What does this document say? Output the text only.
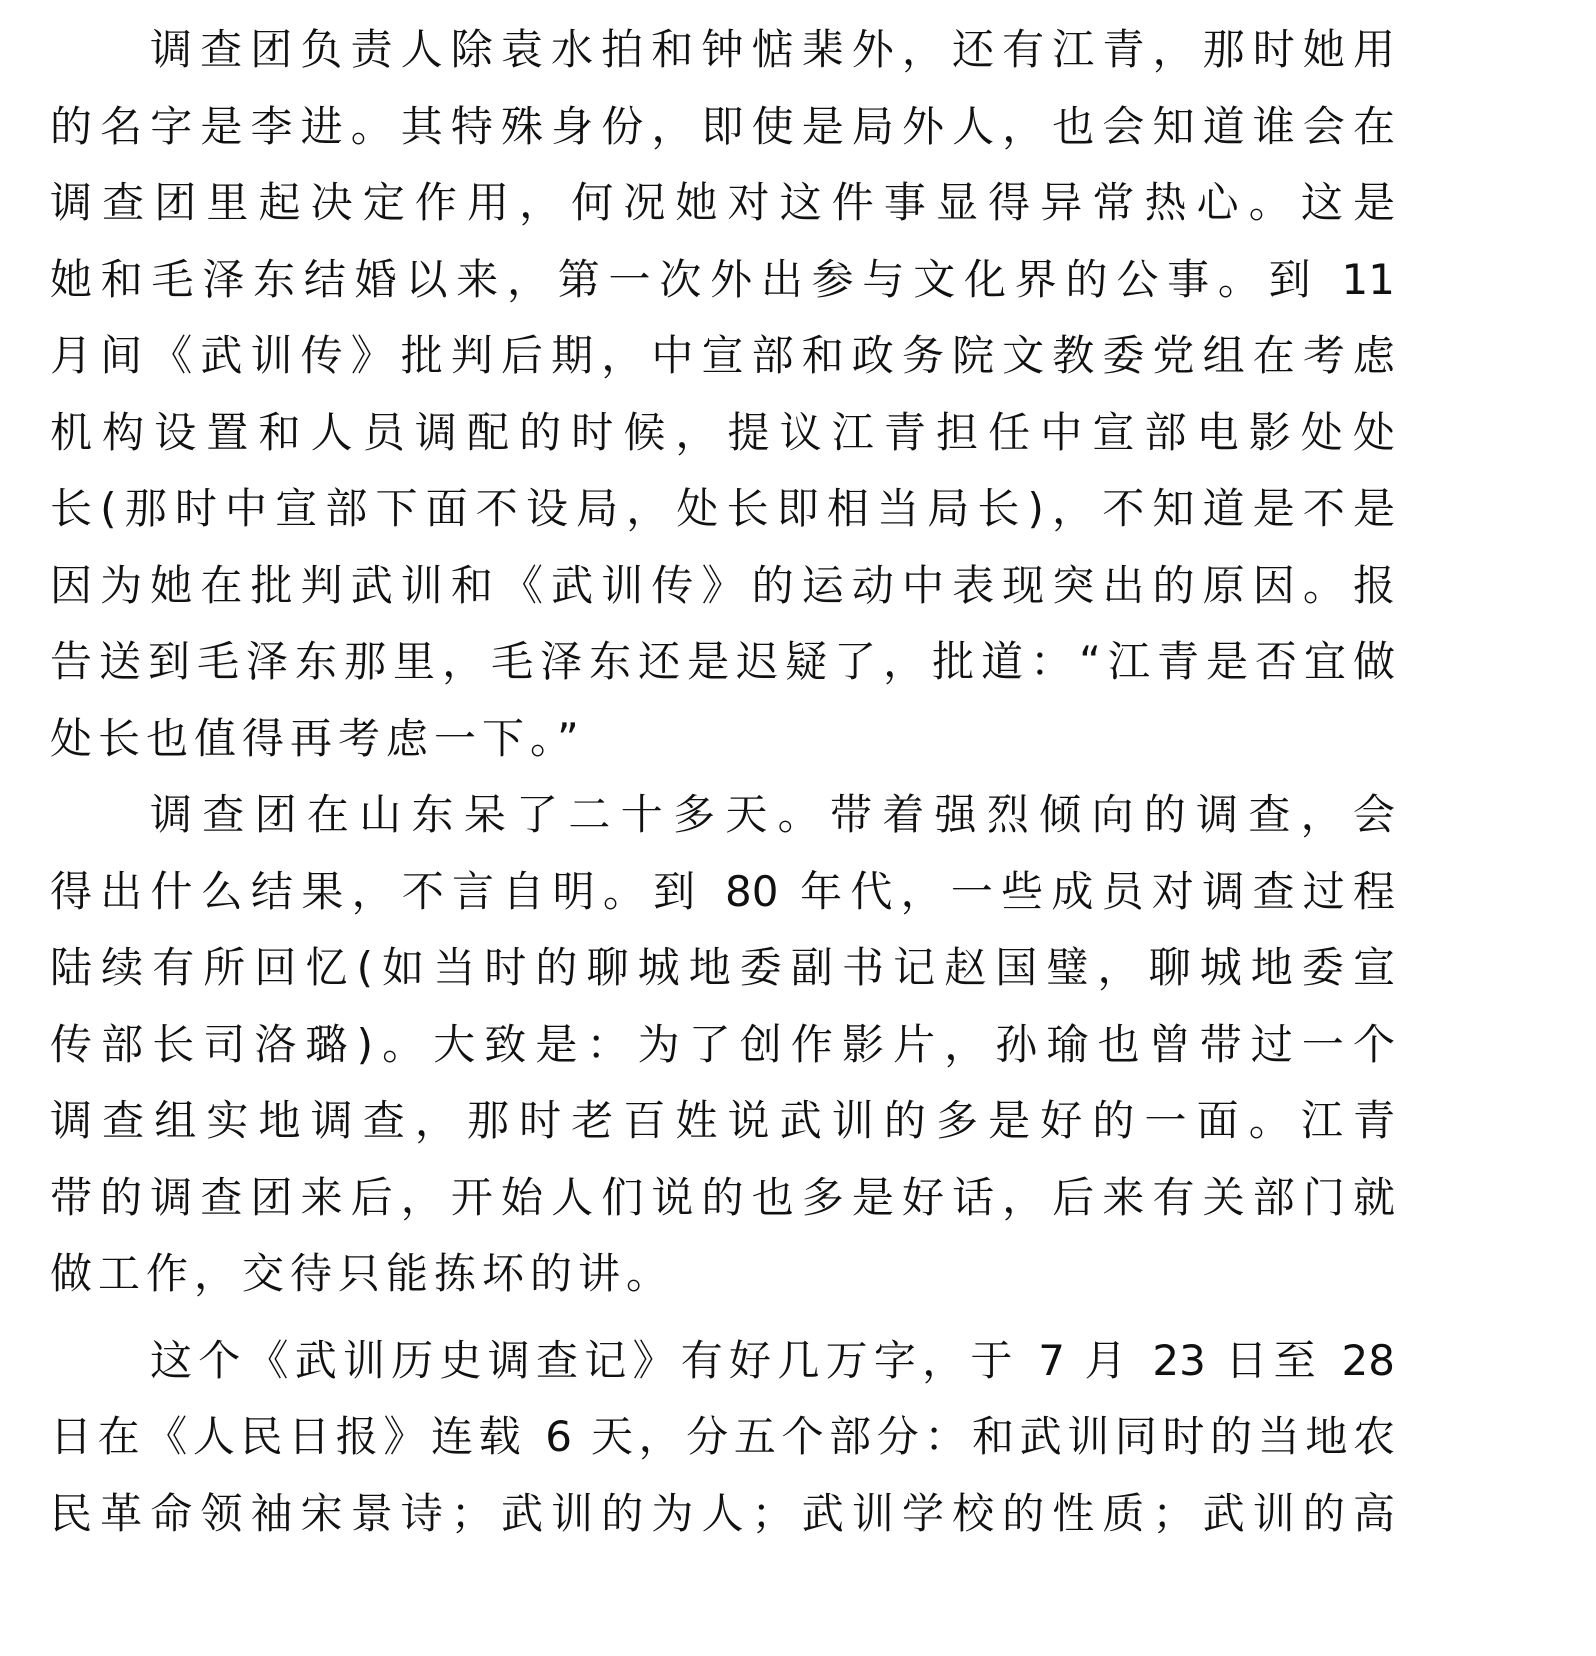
调查团负责人除袁水拍和钟惦棐外，还有江青，那时她用
的名字是李进。其特殊身份，即使是局外人，也会知道谁会在
调查团里起决定作用，何况她对这件事显得异常热心。这是
她和毛泽东结婚以来，第一次外出参与文化界的公事。到 11
月间《武训传》批判后期，中宣部和政务院文教委党组在考虑
机构设置和人员调配的时候，提议江青担任中宣部电影处处
长(那时中宣部下面不设局，处长即相当局长)，不知道是不是
因为她在批判武训和《武训传》的运动中表现突出的原因。报
告送到毛泽东那里，毛泽东还是迟疑了，批道：“江青是否宜做
处长也值得再考虑一下。”
调查团在山东呆了二十多天。带着强烈倾向的调查，会
得出什么结果，不言自明。到 80 年代，一些成员对调查过程
陆续有所回忆(如当时的聊城地委副书记赵国璧，聊城地委宣
传部长司洛璐)。大致是：为了创作影片，孙瑜也曾带过一个
调查组实地调查，那时老百姓说武训的多是好的一面。江青
带的调查团来后，开始人们说的也多是好话，后来有关部门就
做工作，交待只能拣坏的讲。
这个《武训历史调查记》有好几万字，于 7 月 23 日至 28
日在《人民日报》连载 6 天，分五个部分：和武训同时的当地农
民革命领袖宋景诗；武训的为人；武训学校的性质；武训的高
